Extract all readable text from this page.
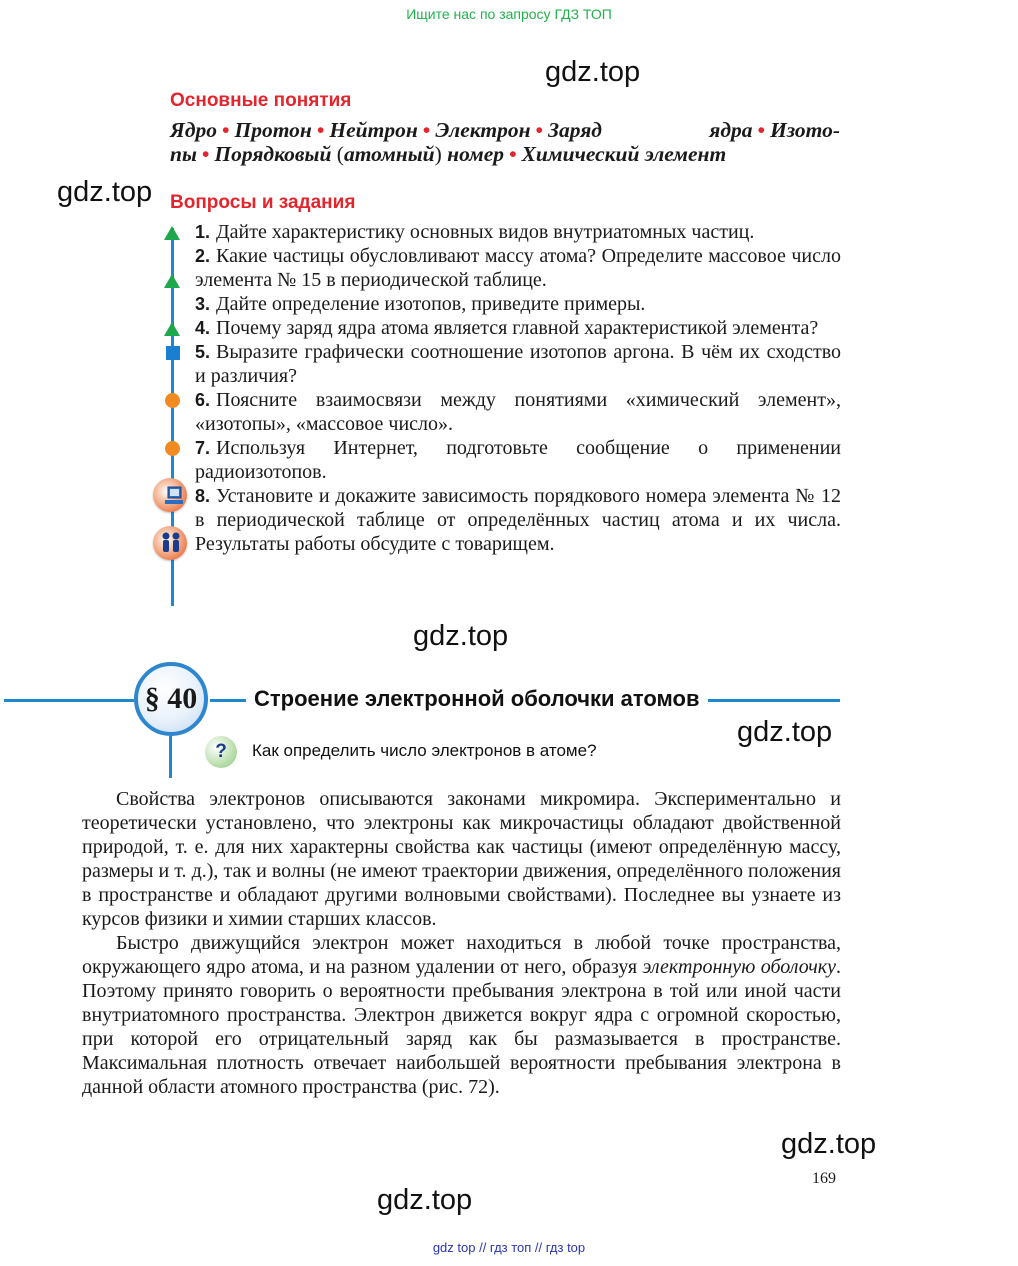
Ищите нас по запросу ГДЗ ТОП
gdz top // гдз топ // гдз top
gdz.top
gdz.top
gdz.top
gdz.top
gdz.top
gdz.top
Основные понятия
Ядро • Протон • Нейтрон • Электрон • Заряд ядра • Изото-
пы • Порядковый (атомный) номер • Химический элемент
Вопросы и задания
1. Дайте характеристику основных видов внутриатомных частиц.
2. Какие частицы обусловливают массу атома? Определите массовое число элемента № 15 в периодической таблице.
3. Дайте определение изотопов, приведите примеры.
4. Почему заряд ядра атома является главной характеристикой элемента?
5. Выразите графически соотношение изотопов аргона. В чём их сходство и различия?
6. Поясните взаимосвязи между понятиями «химический элемент», «изотопы», «массовое число».
7. Используя Интернет, подготовьте сообщение о применении радиоизотопов.
8. Установите и докажите зависимость порядкового номера элемента № 12 в периодической таблице от определённых частиц атома и их числа. Результаты работы обсудите с товарищем.
§ 40	Строение электронной оболочки атомов
?	Как определить число электронов в атоме?

Свойства электронов описываются законами микромира. Экспериментально и теоретически установлено, что электроны как микрочастицы обладают двойственной природой, т. е. для них характерны свойства как частицы (имеют определённую массу, размеры и т. д.), так и волны (не имеют траектории движения, определённого положения в пространстве и обладают другими волновыми свойствами). Последнее вы узнаете из курсов физики и химии старших классов.

Быстро движущийся электрон может находиться в любой точке пространства, окружающего ядро атома, и на разном удалении от него, образуя электронную оболочку. Поэтому принято говорить о вероятности пребывания электрона в той или иной части внутриатомного пространства. Электрон движется вокруг ядра с огромной скоростью, при которой его отрицательный заряд как бы размазывается в пространстве. Максимальная плотность отвечает наибольшей вероятности пребывания электрона в данной области атомного пространства (рис. 72).

169
